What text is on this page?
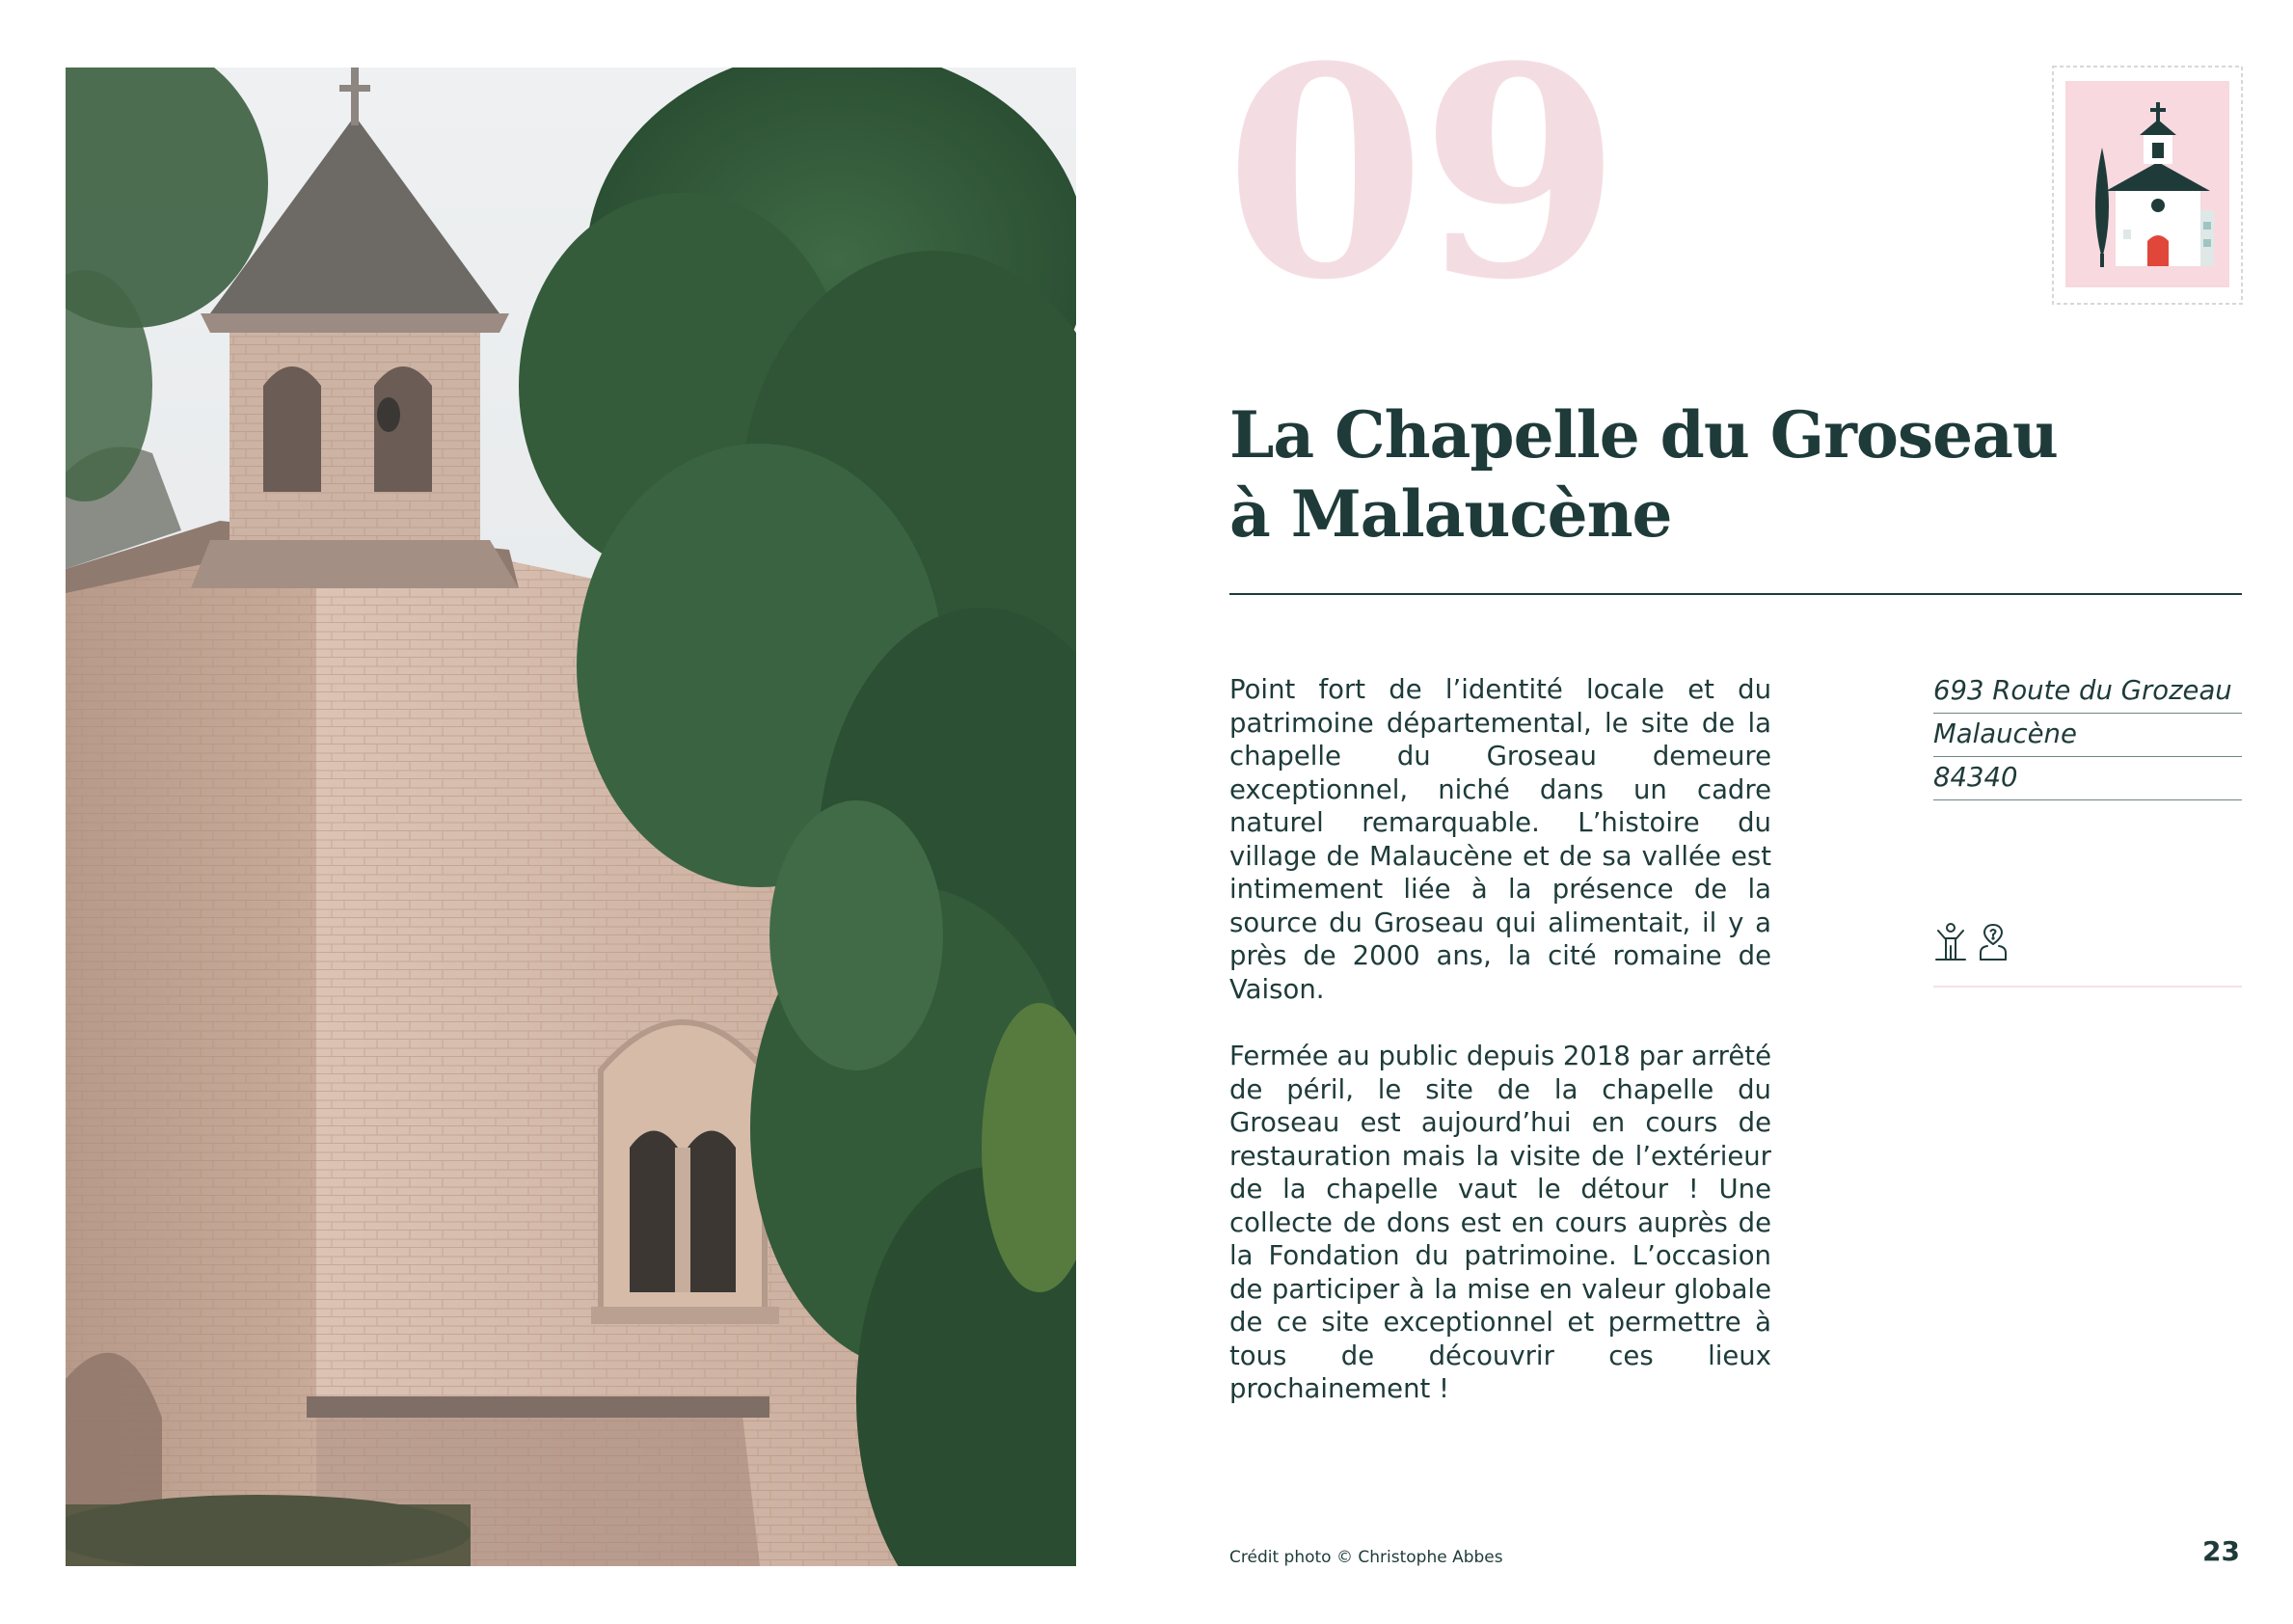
09
La Chapelle du Groseau
à Malaucène

Point fort de l’identité locale et du patrimoine départemental, le site de la chapelle du Groseau demeure exceptionnel, niché dans un cadre naturel remarquable. L’histoire du village de Malaucène et de sa vallée est intimement liée à la présence de la source du Groseau qui alimentait, il y a près de 2000 ans, la cité romaine de Vaison.

Fermée au public depuis 2018 par arrêté de péril, le site de la chapelle du Groseau est aujourd’hui en cours de restauration mais la visite de l’extérieur de la chapelle vaut le détour ! Une collecte de dons est en cours auprès de la Fondation du patrimoine. L’occasion de participer à la mise en valeur globale de ce site exceptionnel et permettre à tous de découvrir ces lieux prochainement !

693 Route du Grozeau
Malaucène
84340
Crédit photo © Christophe Abbes	23
